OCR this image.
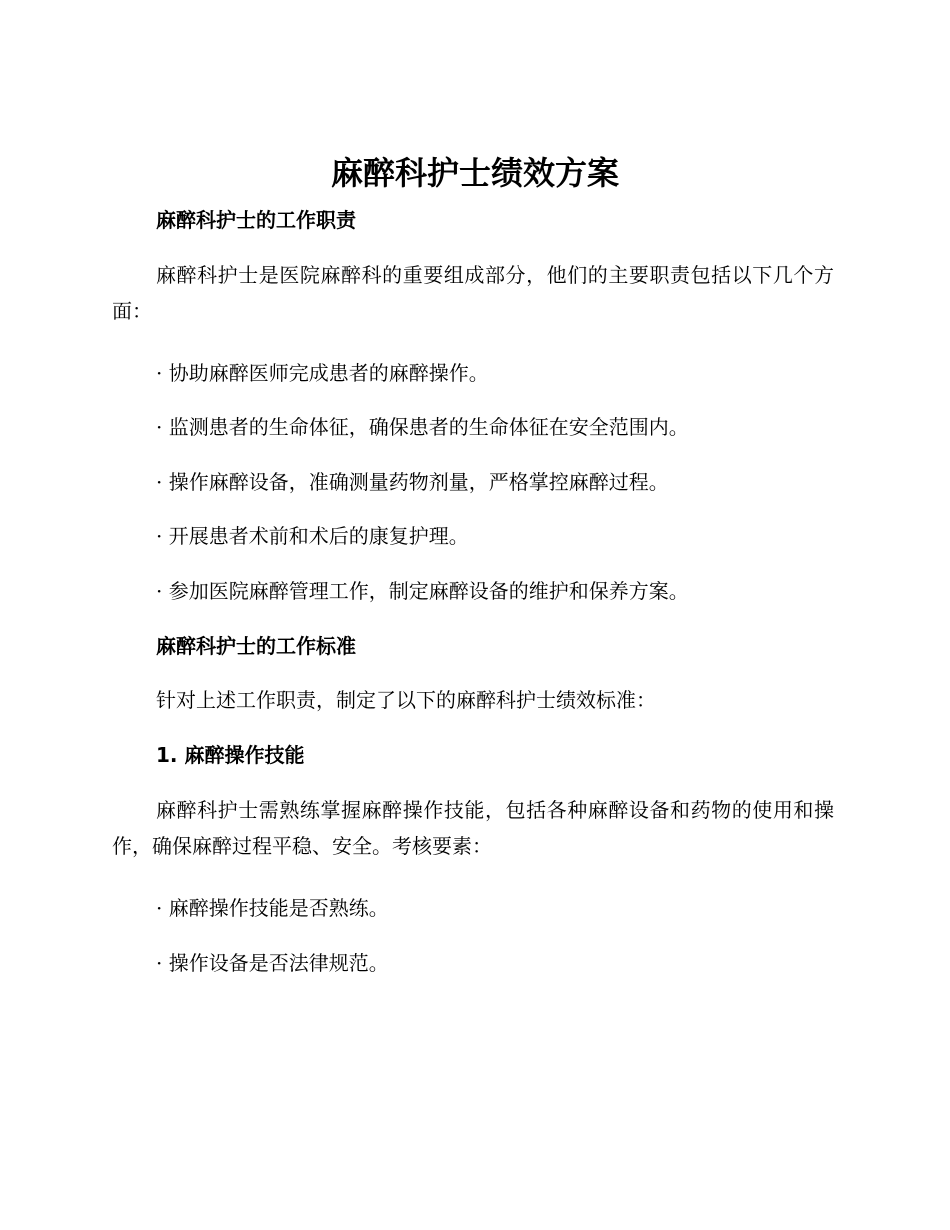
麻醉科护士绩效方案
麻醉科护士的工作职责
麻醉科护士是医院麻醉科的重要组成部分，他们的主要职责包括以下几个方面：
· 协助麻醉医师完成患者的麻醉操作。
· 监测患者的生命体征，确保患者的生命体征在安全范围内。
· 操作麻醉设备，准确测量药物剂量，严格掌控麻醉过程。
· 开展患者术前和术后的康复护理。
· 参加医院麻醉管理工作，制定麻醉设备的维护和保养方案。
麻醉科护士的工作标准
针对上述工作职责，制定了以下的麻醉科护士绩效标准：
1. 麻醉操作技能
麻醉科护士需熟练掌握麻醉操作技能，包括各种麻醉设备和药物的使用和操作，确保麻醉过程平稳、安全。考核要素：
· 麻醉操作技能是否熟练。
· 操作设备是否法律规范。
